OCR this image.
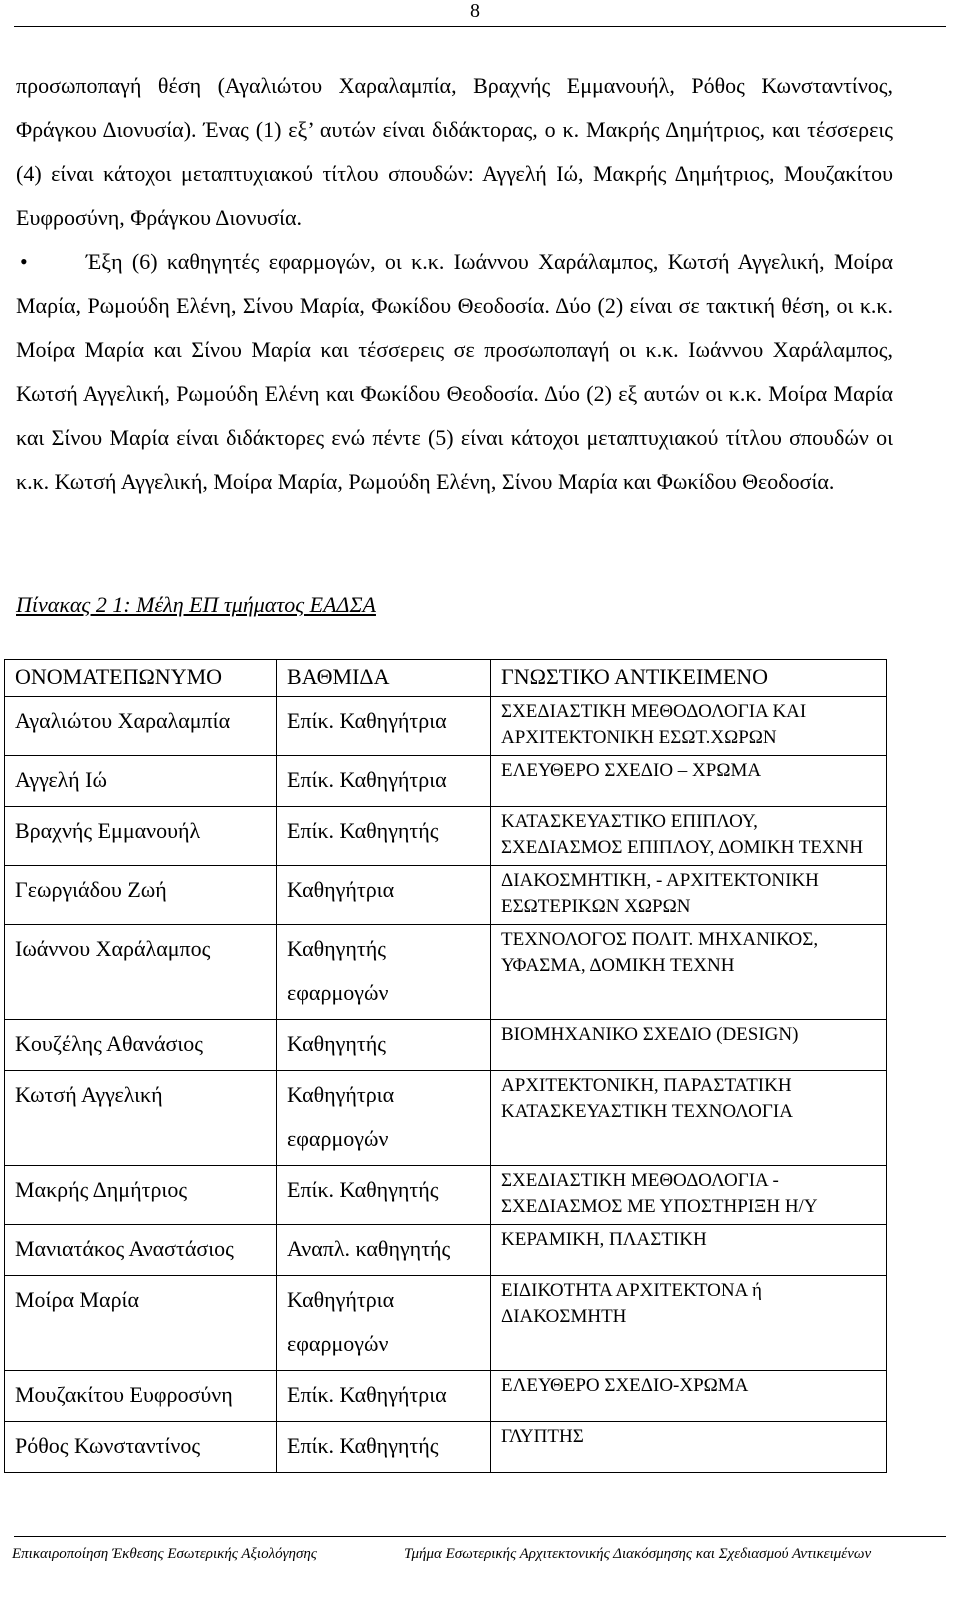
8

προσωποπαγή θέση (Αγαλιώτου Χαραλαμπία, Βραχνής Εμμανουήλ, Ρόθος Κωνσταντίνος, Φράγκου Διονυσία). Ένας (1) εξ’ αυτών είναι διδάκτορας, ο κ. Μακρής Δημήτριος, και τέσσερεις (4) είναι κάτοχοι μεταπτυχιακού τίτλου σπουδών: Αγγελή Ιώ, Μακρής Δημήτριος, Μουζακίτου Ευφροσύνη, Φράγκου Διονυσία.

•	Έξη (6) καθηγητές εφαρμογών, οι κ.κ. Ιωάννου Χαράλαμπος, Κωτσή Αγγελική, Μοίρα Μαρία, Ρωμούδη Ελένη, Σίνου Μαρία, Φωκίδου Θεοδοσία. Δύο (2) είναι σε τακτική θέση, οι κ.κ. Μοίρα Μαρία και Σίνου Μαρία και τέσσερεις σε προσωποπαγή οι κ.κ. Ιωάννου Χαράλαμπος, Κωτσή Αγγελική, Ρωμούδη Ελένη και Φωκίδου Θεοδοσία. Δύο (2) εξ αυτών οι κ.κ. Μοίρα Μαρία και Σίνου Μαρία είναι διδάκτορες ενώ πέντε (5) είναι κάτοχοι μεταπτυχιακού τίτλου σπουδών οι κ.κ. Κωτσή Αγγελική, Μοίρα Μαρία, Ρωμούδη Ελένη, Σίνου Μαρία και Φωκίδου Θεοδοσία.

Πίνακας 2 1: Μέλη ΕΠ τμήματος ΕΑΔΣΑ
ΟΝΟΜΑΤΕΠΩΝΥΜΟ	ΒΑΘΜΙΔΑ	ΓΝΩΣΤΙΚΟ ΑΝΤΙΚΕΙΜΕΝΟ
Αγαλιώτου Χαραλαμπία	Επίκ. Καθηγήτρια	ΣΧΕΔΙΑΣΤΙΚΗ ΜΕΘΟΔΟΛΟΓΙΑ ΚΑΙ ΑΡΧΙΤΕΚΤΟΝΙΚΗ ΕΣΩΤ.ΧΩΡΩΝ
Αγγελή Ιώ	Επίκ. Καθηγήτρια	ΕΛΕΥΘΕΡΟ ΣΧΕΔΙΟ – ΧΡΩΜΑ
Βραχνής Εμμανουήλ	Επίκ. Καθηγητής	ΚΑΤΑΣΚΕΥΑΣΤΙΚΟ ΕΠΙΠΛΟΥ, ΣΧΕΔΙΑΣΜΟΣ ΕΠΙΠΛΟΥ, ΔΟΜΙΚΗ ΤΕΧΝΗ
Γεωργιάδου Ζωή	Καθηγήτρια	ΔΙΑΚΟΣΜΗΤΙΚΗ, - ΑΡΧΙΤΕΚΤΟΝΙΚΗ ΕΣΩΤΕΡΙΚΩΝ ΧΩΡΩΝ
Ιωάννου Χαράλαμπος	Καθηγητής εφαρμογών	ΤΕΧΝΟΛΟΓΟΣ ΠΟΛΙΤ. ΜΗΧΑΝΙΚΟΣ, ΥΦΑΣΜΑ, ΔΟΜΙΚΗ ΤΕΧΝΗ
Κουζέλης Αθανάσιος	Καθηγητής	ΒΙΟΜΗΧΑΝΙΚΟ ΣΧΕΔΙΟ (DESIGN)
Κωτσή Αγγελική	Καθηγήτρια εφαρμογών	ΑΡΧΙΤΕΚΤΟΝΙΚΗ, ΠΑΡΑΣΤΑΤΙΚΗ ΚΑΤΑΣΚΕΥΑΣΤΙΚΗ ΤΕΧΝΟΛΟΓΙΑ
Μακρής Δημήτριος	Επίκ. Καθηγητής	ΣΧΕΔΙΑΣΤΙΚΗ ΜΕΘΟΔΟΛΟΓΙΑ - ΣΧΕΔΙΑΣΜΟΣ ΜΕ ΥΠΟΣΤΗΡΙΞΗ Η/Υ
Μανιατάκος Αναστάσιος	Αναπλ. καθηγητής	ΚΕΡΑΜΙΚΗ, ΠΛΑΣΤΙΚΗ
Μοίρα Μαρία	Καθηγήτρια εφαρμογών	ΕΙΔΙΚΟΤΗΤΑ ΑΡΧΙΤΕΚΤΟΝΑ ή ΔΙΑΚΟΣΜΗΤΗ
Μουζακίτου Ευφροσύνη	Επίκ. Καθηγήτρια	ΕΛΕΥΘΕΡΟ ΣΧΕΔΙΟ-ΧΡΩΜΑ
Ρόθος Κωνσταντίνος	Επίκ. Καθηγητής	ΓΛΥΠΤΗΣ
Επικαιροποίηση Έκθεσης Εσωτερικής Αξιολόγησης	Τμήμα Εσωτερικής Αρχιτεκτονικής Διακόσμησης και Σχεδιασμού Αντικειμένων
